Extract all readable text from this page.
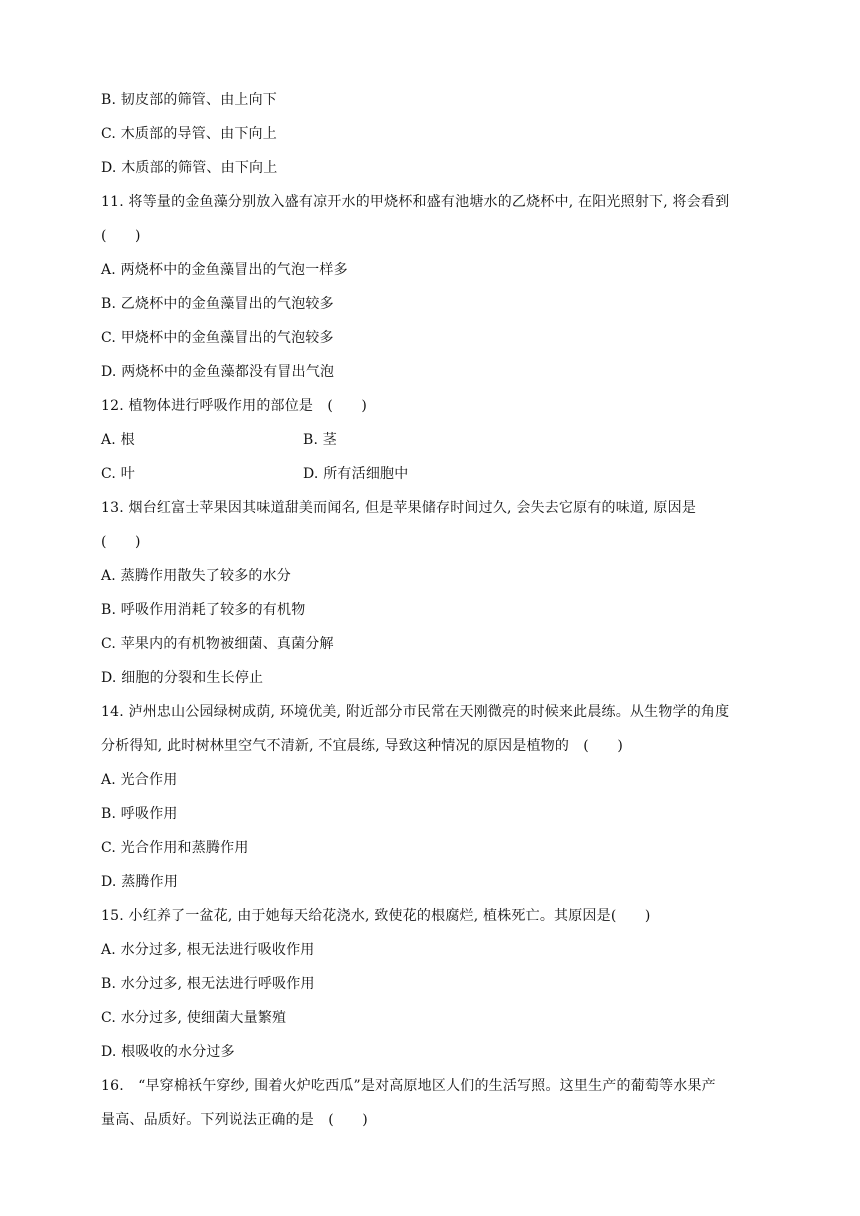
B. 韧皮部的筛管、由上向下
C. 木质部的导管、由下向上
D. 木质部的筛管、由下向上
11. 将等量的金鱼藻分别放入盛有凉开水的甲烧杯和盛有池塘水的乙烧杯中, 在阳光照射下, 将会看到
(　　)
A. 两烧杯中的金鱼藻冒出的气泡一样多
B. 乙烧杯中的金鱼藻冒出的气泡较多
C. 甲烧杯中的金鱼藻冒出的气泡较多
D. 两烧杯中的金鱼藻都没有冒出气泡
12. 植物体进行呼吸作用的部位是　(　　)
A. 根	B. 茎
C. 叶	D. 所有活细胞中
13. 烟台红富士苹果因其味道甜美而闻名, 但是苹果储存时间过久, 会失去它原有的味道, 原因是
(　　)
A. 蒸腾作用散失了较多的水分
B. 呼吸作用消耗了较多的有机物
C. 苹果内的有机物被细菌、真菌分解
D. 细胞的分裂和生长停止
14. 泸州忠山公园绿树成荫, 环境优美, 附近部分市民常在天刚微亮的时候来此晨练。从生物学的角度
分析得知, 此时树林里空气不清新, 不宜晨练, 导致这种情况的原因是植物的　(　　)
A. 光合作用
B. 呼吸作用
C. 光合作用和蒸腾作用
D. 蒸腾作用
15. 小红养了一盆花, 由于她每天给花浇水, 致使花的根腐烂, 植株死亡。其原因是(　　)
A. 水分过多, 根无法进行吸收作用
B. 水分过多, 根无法进行呼吸作用
C. 水分过多, 使细菌大量繁殖
D. 根吸收的水分过多
16.　“早穿棉袄午穿纱, 围着火炉吃西瓜”是对高原地区人们的生活写照。这里生产的葡萄等水果产
量高、品质好。下列说法正确的是　(　　)
